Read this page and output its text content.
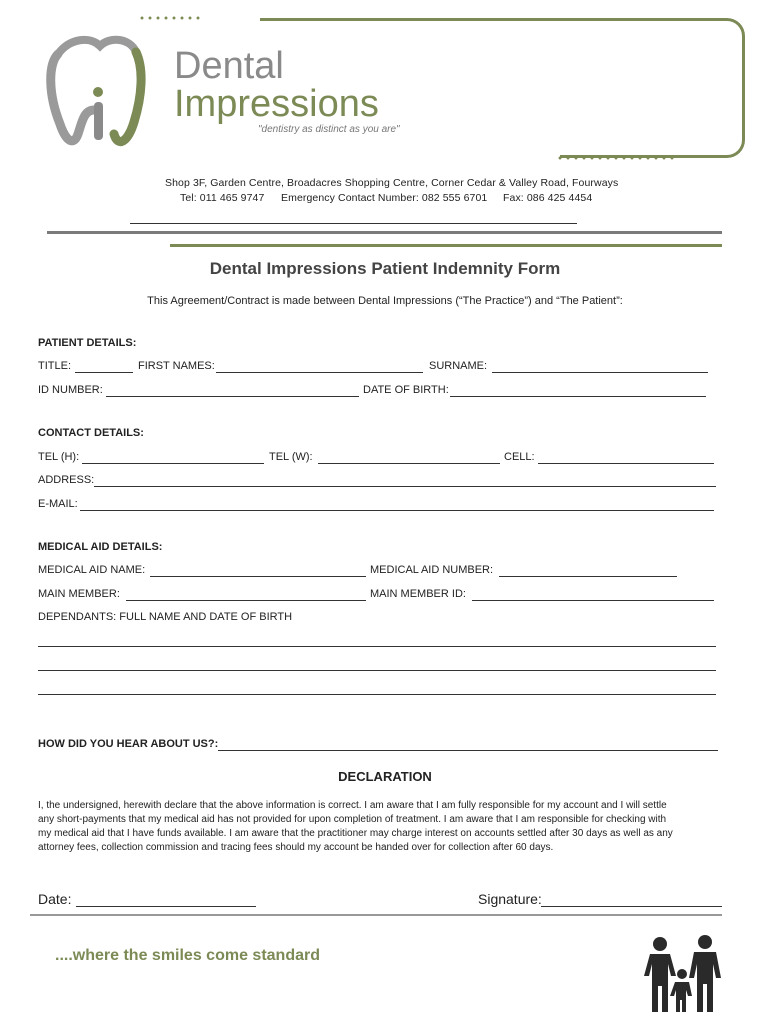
Dental
Impressions
"dentistry as distinct as you are"
Shop 3F, Garden Centre, Broadacres Shopping Centre, Corner Cedar & Valley Road, Fourways
Tel: 011 465 9747 Emergency Contact Number: 082 555 6701 Fax: 086 425 4454
Dental Impressions Patient Indemnity Form
This Agreement/Contract is made between Dental Impressions (“The Practice”) and “The Patient”:
PATIENT DETAILS:
TITLE:	FIRST NAMES:	SURNAME:
ID NUMBER:	DATE OF BIRTH:
CONTACT DETAILS:
TEL (H):	TEL (W):	CELL:
ADDRESS:
E-MAIL:
MEDICAL AID DETAILS:
MEDICAL AID NAME:	MEDICAL AID NUMBER:
MAIN MEMBER:	MAIN MEMBER ID:
DEPENDANTS: FULL NAME AND DATE OF BIRTH
HOW DID YOU HEAR ABOUT US?:
DECLARATION
I, the undersigned, herewith declare that the above information is correct. I am aware that I am fully responsible for my account and I will settle
any short-payments that my medical aid has not provided for upon completion of treatment. I am aware that I am responsible for checking with
my medical aid that I have funds available. I am aware that the practitioner may charge interest on accounts settled after 30 days as well as any
attorney fees, collection commission and tracing fees should my account be handed over for collection after 60 days.
Date:	Signature:
....where the smiles come standard
